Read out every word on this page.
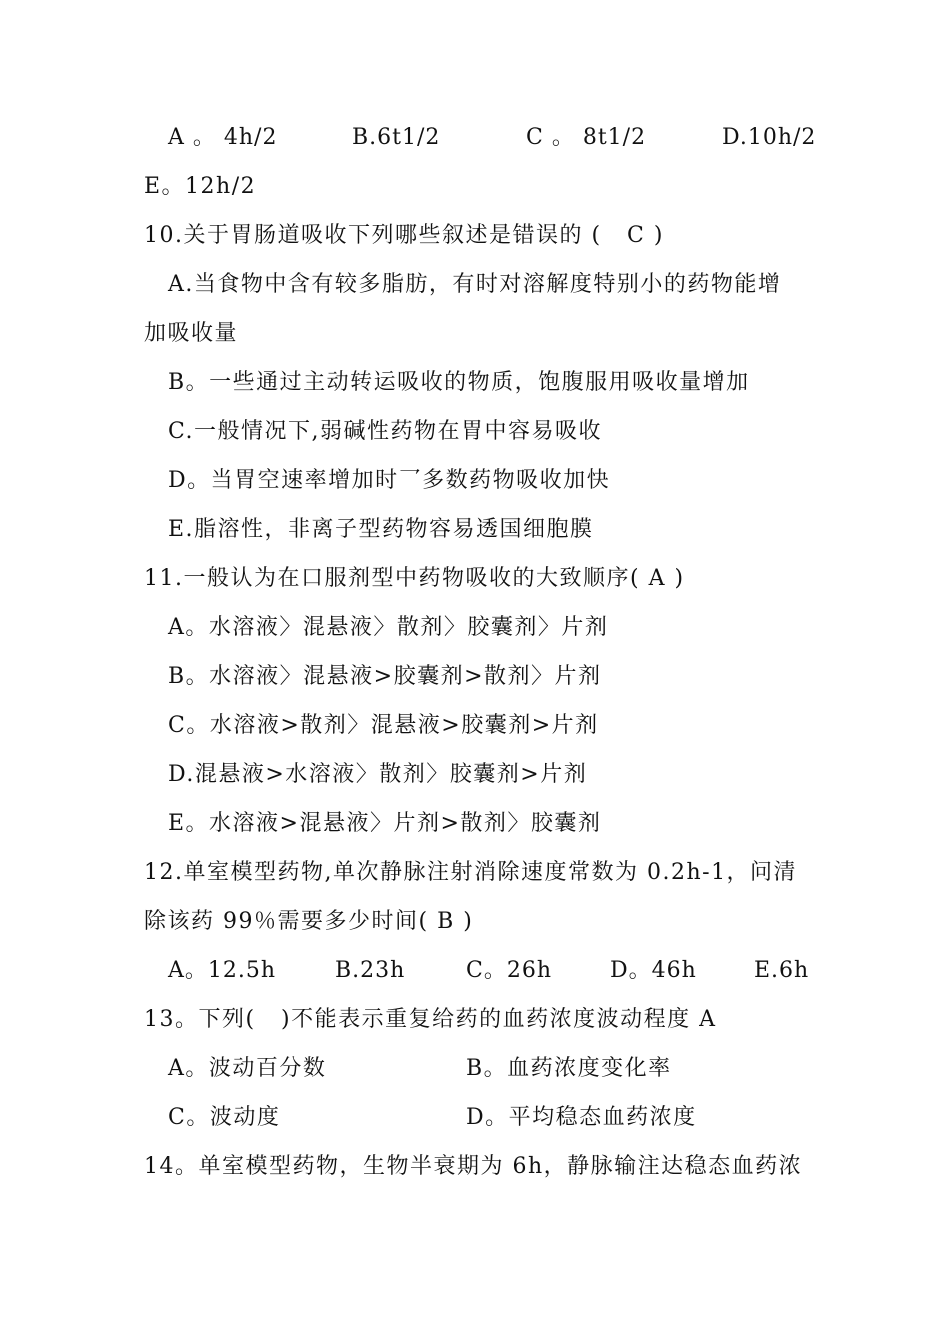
A 。 4h/2	B.6t1/2	C 。 8t1/2	D.10h/2
E。12h/2
10.关于胃肠道吸收下列哪些叙述是错误的 (   C )
A.当食物中含有较多脂肪，有时对溶解度特别小的药物能增
加吸收量
B。一些通过主动转运吸收的物质，饱腹服用吸收量增加
C.一般情况下,弱碱性药物在胃中容易吸收
D。当胃空速率增加时乛多数药物吸收加快
E.脂溶性，非离子型药物容易透国细胞膜
11.一般认为在口服剂型中药物吸收的大致顺序( A )
A。水溶液〉混悬液〉散剂〉胶囊剂〉片剂
B。水溶液〉混悬液>胶囊剂>散剂〉片剂
C。水溶液>散剂〉混悬液>胶囊剂>片剂
D.混悬液>水溶液〉散剂〉胶囊剂>片剂
E。水溶液>混悬液〉片剂>散剂〉胶囊剂
12.单室模型药物,单次静脉注射消除速度常数为 0.2h-1，问清
除该药 99％需要多少时间( B )
A。12.5h	B.23h	C。26h	D。46h	E.6h
13。下列(   )不能表示重复给药的血药浓度波动程度 A
A。波动百分数	B。血药浓度变化率
C。波动度	D。平均稳态血药浓度
14。单室模型药物，生物半衰期为 6h，静脉输注达稳态血药浓
